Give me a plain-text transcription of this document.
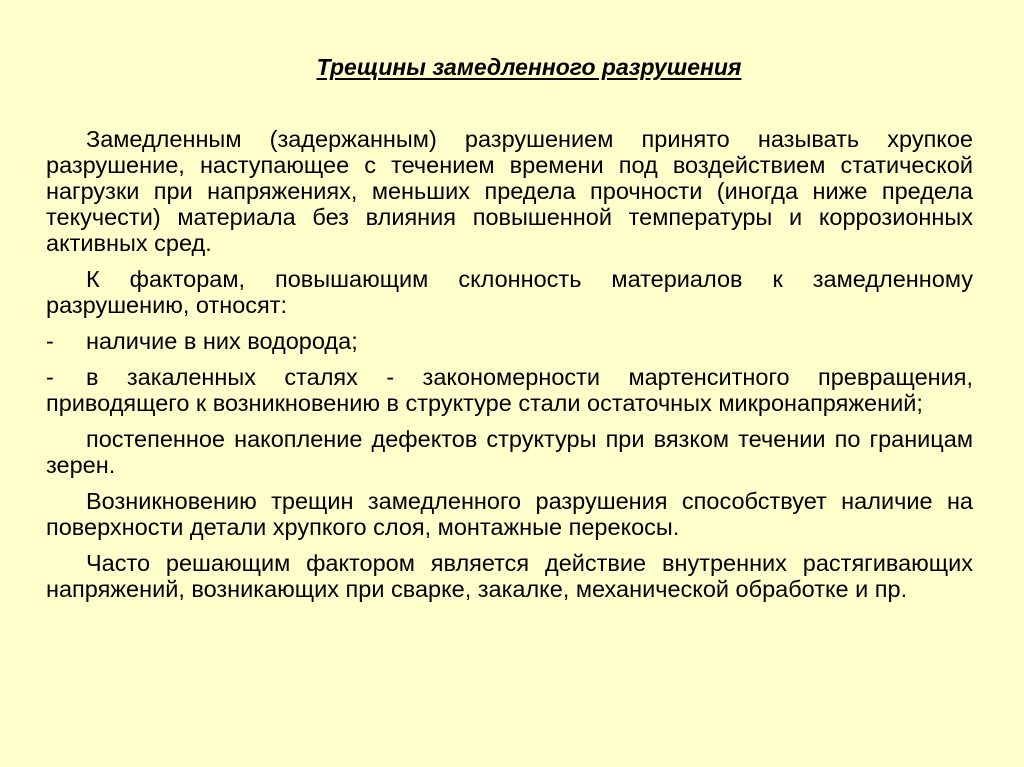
Трещины замедленного разрушения

Замедленным (задержанным) разрушением принято называть хрупкое разрушение, наступающее с течением времени под воздействием статической нагрузки при напряжениях, меньших предела прочности (иногда ниже предела текучести) материала без влияния повышенной температуры и коррозионных активных сред.

К факторам, повышающим склонность материалов к замедленному разрушению, относят:

- наличие в них водорода;

- в закаленных сталях - закономерности мартенситного превращения, приводящего к возникновению в структуре стали остаточных микронапряжений;

постепенное накопление дефектов структуры при вязком течении по границам зерен.

Возникновению трещин замедленного разрушения способствует наличие на поверхности детали хрупкого слоя, монтажные перекосы.

Часто решающим фактором является действие внутренних растягивающих напряжений, возникающих при сварке, закалке, механической обработке и пр.
